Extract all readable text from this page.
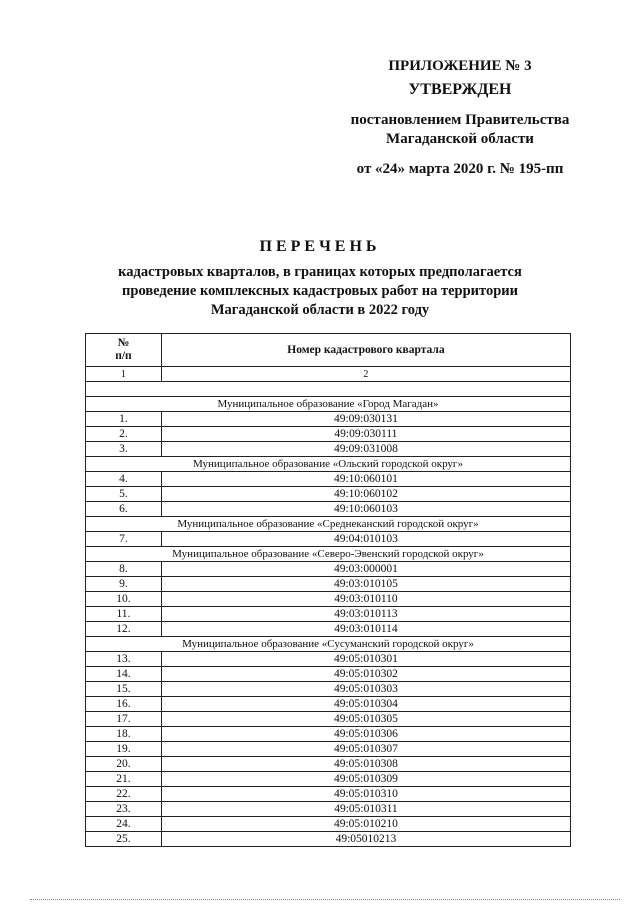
ПРИЛОЖЕНИЕ № 3
УТВЕРЖДЕН
постановлением Правительства
Магаданской области
от «24» марта 2020 г. № 195-пп
ПЕРЕЧЕНЬ
кадастровых кварталов, в границах которых предполагается
проведение комплексных кадастровых работ на территории
Магаданской области в 2022 году
№
п/п	Номер кадастрового квартала
1	2

Муниципальное образование «Город Магадан»	
1.	49:09:030131
2.	49:09:030111
3.	49:09:031008
Муниципальное образование «Ольский городской округ»	
4.	49:10:060101
5.	49:10:060102
6.	49:10:060103
Муниципальное образование «Среднеканский городской округ»	
7.	49:04:010103
Муниципальное образование «Северо-Эвенский городской округ»	
8.	49:03:000001
9.	49:03:010105
10.	49:03:010110
11.	49:03:010113
12.	49:03:010114
Муниципальное образование «Сусуманский городской округ»	
13.	49:05:010301
14.	49:05:010302
15.	49:05:010303
16.	49:05:010304
17.	49:05:010305
18.	49:05:010306
19.	49:05:010307
20.	49:05:010308
21.	49:05:010309
22.	49:05:010310
23.	49:05:010311
24.	49:05:010210
25.	49:05010213
